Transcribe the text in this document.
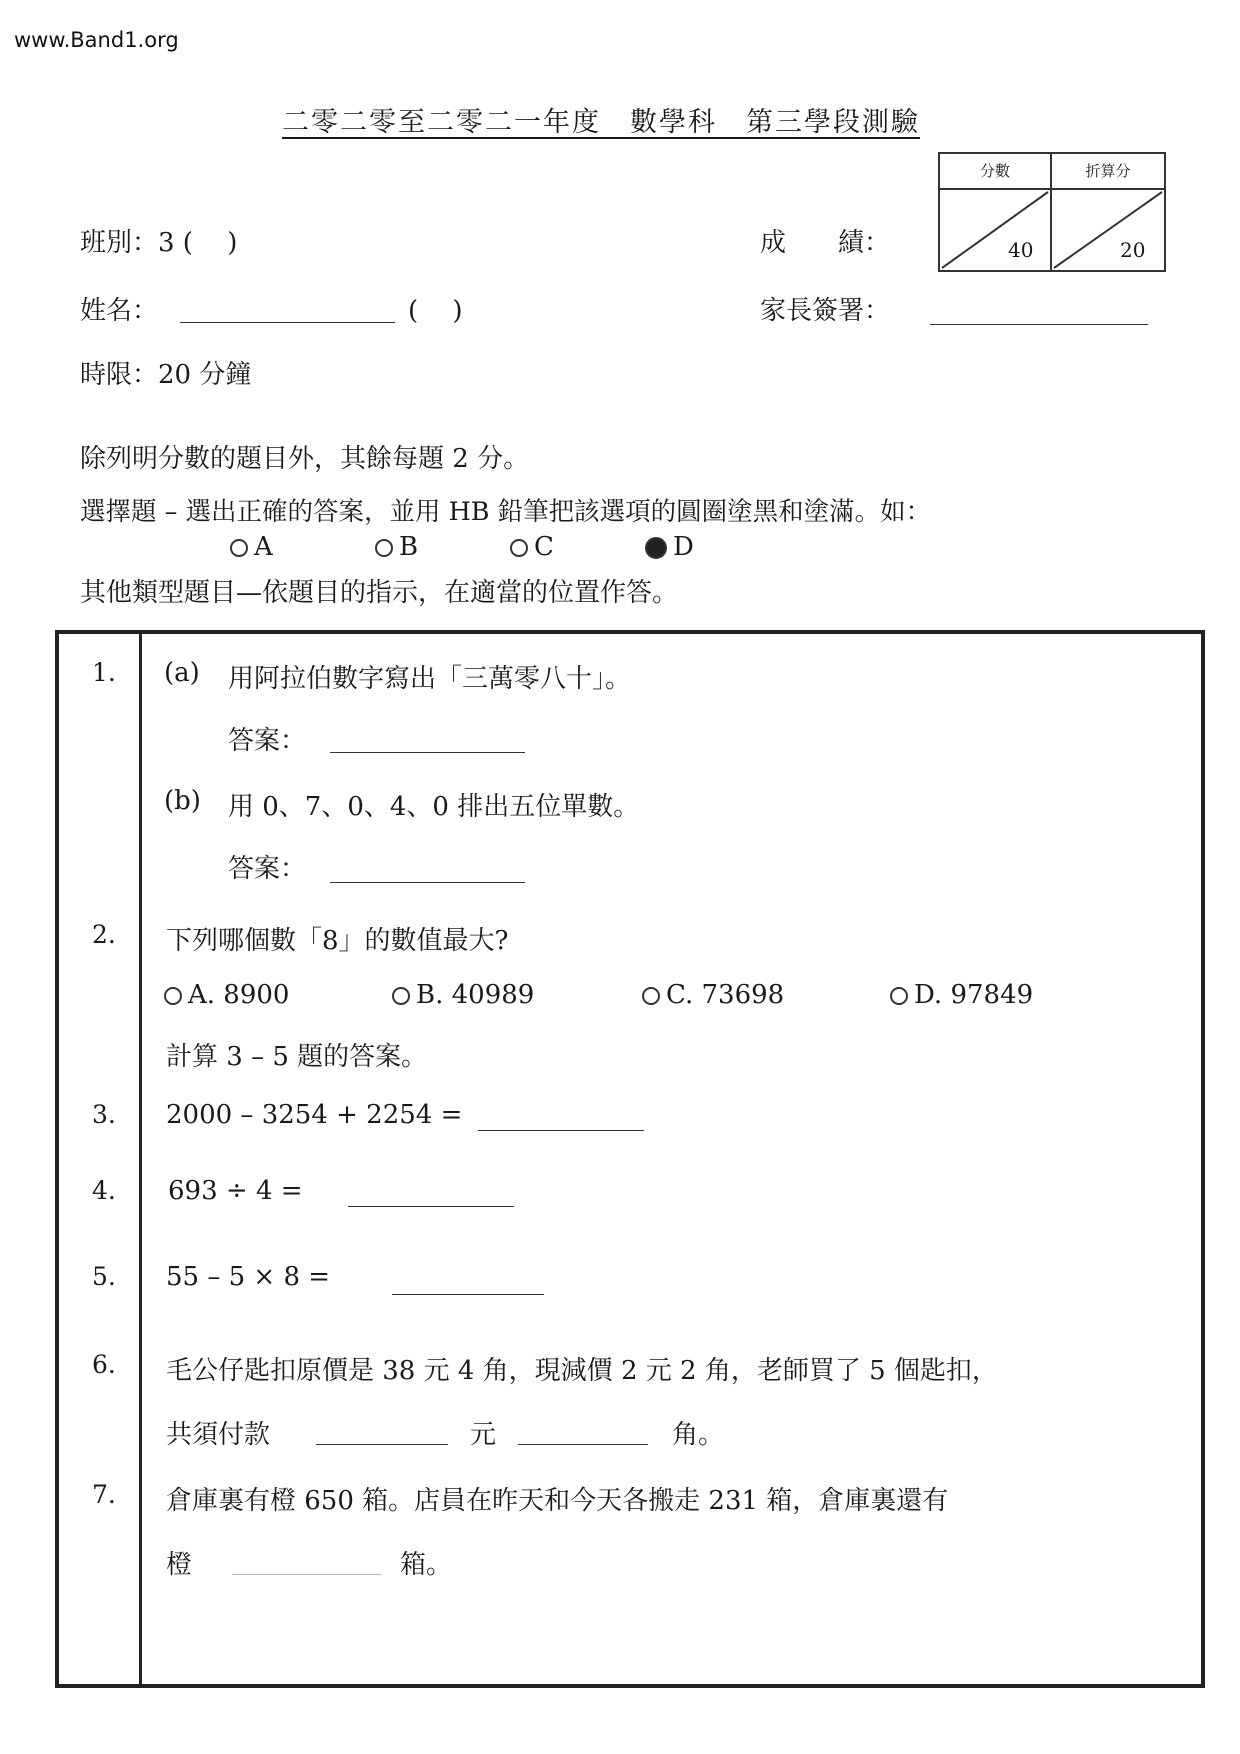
www.Band1.org
二零二零至二零二一年度　數學科　第三學段測驗
分數	折算分
40	20
班別：3 (　 )	成　　績：
姓名：	(　 )	家長簽署：
時限：20 分鐘
除列明分數的題目外，其餘每題 2 分。
選擇題 – 選出正確的答案，並用 HB 鉛筆把該選項的圓圈塗黑和塗滿。如：
A	B	C	D
其他類型題目—依題目的指示，在適當的位置作答。
1. (a) 用阿拉伯數字寫出「三萬零八十」。
答案：
(b) 用 0、7、0、4、0 排出五位單數。
答案：
2. 下列哪個數「8」的數值最大?
A. 8900	B. 40989	C. 73698	D. 97849
計算 3 – 5 題的答案。
3. 2000 – 3254 + 2254 =
4. 693 ÷ 4 =
5. 55 – 5 × 8 =
6. 毛公仔匙扣原價是 38 元 4 角，現減價 2 元 2 角，老師買了 5 個匙扣，
共須付款	元	角。
7. 倉庫裏有橙 650 箱。店員在昨天和今天各搬走 231 箱，倉庫裏還有
橙	箱。
